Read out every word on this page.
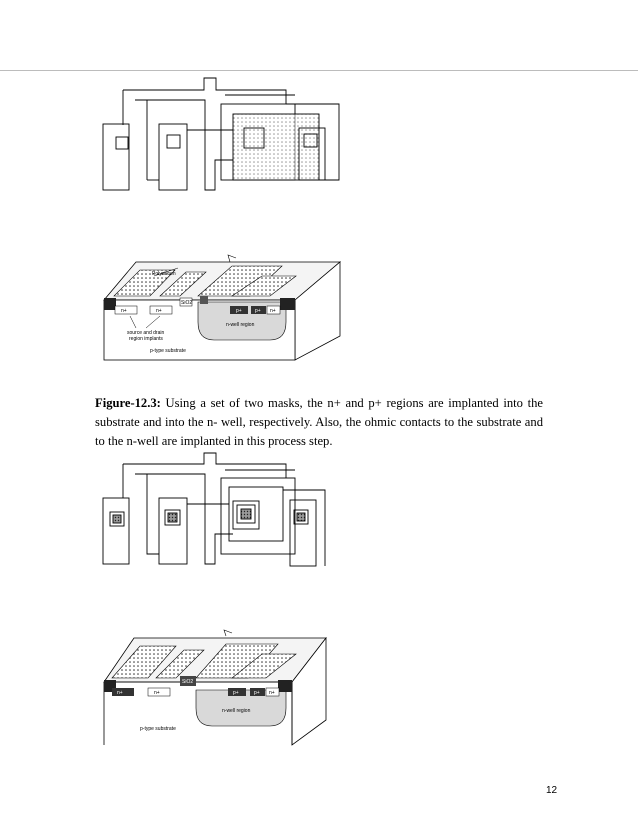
Polysilicon
n+	n+
SiO2
source and drain
region implants
p+	p+ n+
n-well region
p-type substrate
n+	n+
SiO2
p+	p+ n+
n-well region
p-type substrate
Figure-12.3: Using a set of two masks, the n+ and p+ regions are implanted into the substrate and into the n- well, respectively. Also, the ohmic contacts to the substrate and to the n-well are implanted in this process step.
12
